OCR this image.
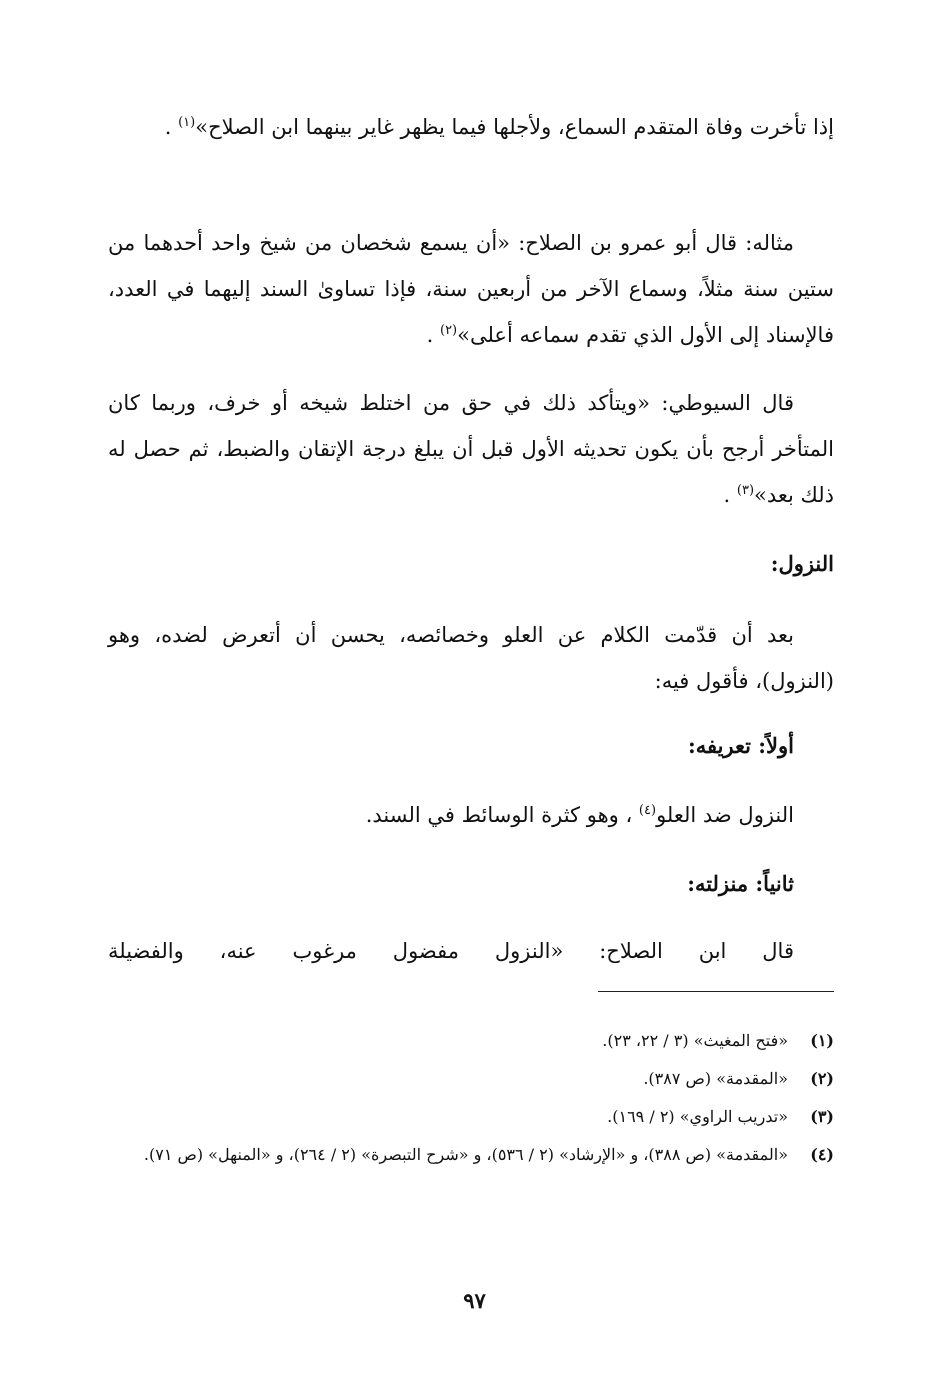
إذا تأخرت وفاة المتقدم السماع، ولأجلها فيما يظهر غاير بينهما ابن الصلاح»$^{(١)}$ .

مثاله: قال أبو عمرو بن الصلاح: «أن يسمع شخصان من شيخ واحد أحدهما من ستين سنة مثلاً، وسماع الآخر من أربعين سنة، فإذا تساوىٰ السند إليهما في العدد، فالإسناد إلى الأول الذي تقدم سماعه أعلى»$^{(٢)}$ .

قال السيوطي: «ويتأكد ذلك في حق من اختلط شيخه أو خرف، وربما كان المتأخر أرجح بأن يكون تحديثه الأول قبل أن يبلغ درجة الإتقان والضبط، ثم حصل له ذلك بعد»$^{(٣)}$ .

النزول:

بعد أن قدّمت الكلام عن العلو وخصائصه، يحسن أن أتعرض لضده، وهو (النزول)، فأقول فيه:

أولاً: تعريفه:

النزول ضد العلو$^{(٤)}$ ، وهو كثرة الوسائط في السند.

ثانياً: منزلته:

قال ابن الصلاح: «النزول مفضول مرغوب عنه، والفضيلة

(١)
«فتح المغيث» (٣ / ٢٢، ٢٣).
(٢)
«المقدمة» (ص ٣٨٧).
(٣)
«تدريب الراوي» (٢ / ١٦٩).
(٤)
«المقدمة» (ص ٣٨٨)، و «الإرشاد» (٢ / ٥٣٦)، و «شرح التبصرة» (٢ / ٢٦٤)، و «المنهل» (ص ٧١).
٩٧
